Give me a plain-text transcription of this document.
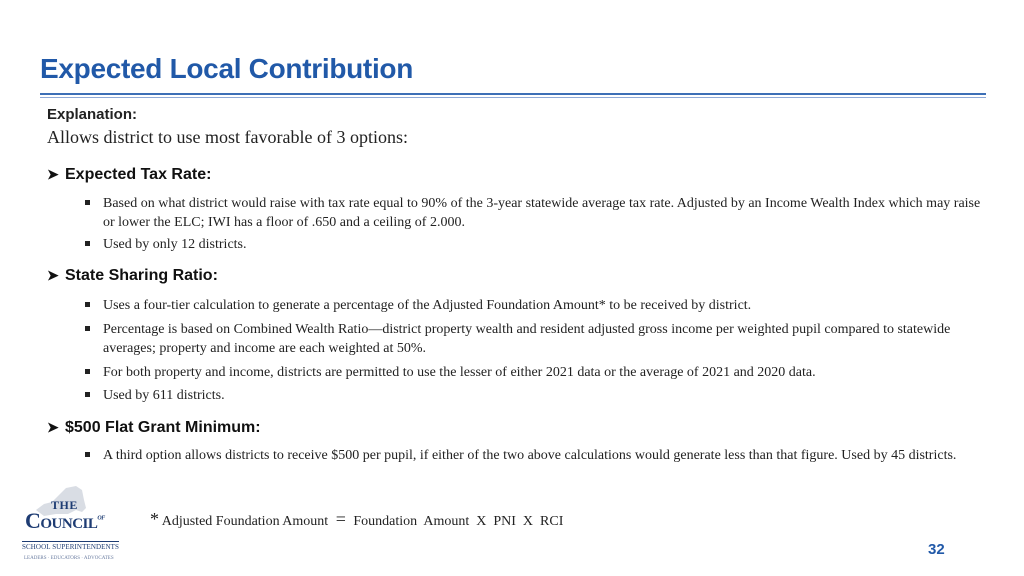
Expected Local Contribution
Explanation:
Allows district to use most favorable of 3 options:
➤ Expected Tax Rate:
Based on what district would raise with tax rate equal to 90% of the 3-year statewide average tax rate. Adjusted by an Income Wealth Index which may raise or lower the ELC; IWI has a floor of .650 and a ceiling of 2.000.
Used by only 12 districts.
➤ State Sharing Ratio:
Uses a four-tier calculation to generate a percentage of the Adjusted Foundation Amount* to be received by district.
Percentage is based on Combined Wealth Ratio—district property wealth and resident adjusted gross income per weighted pupil compared to statewide averages; property and income are each weighted at 50%.
For both property and income, districts are permitted to use the lesser of either 2021 data or the average of 2021 and 2020 data.
Used by 611 districts.
➤ $500 Flat Grant Minimum:
A third option allows districts to receive $500 per pupil, if either of the two above calculations would generate less than that figure. Used by 45 districts.
* Adjusted Foundation Amount = Foundation  Amount  X  PNI  X  RCI
THE
Council$^{of}$
SCHOOL SUPERINTENDENTS
LEADERS · EDUCATORS · ADVOCATES
32
